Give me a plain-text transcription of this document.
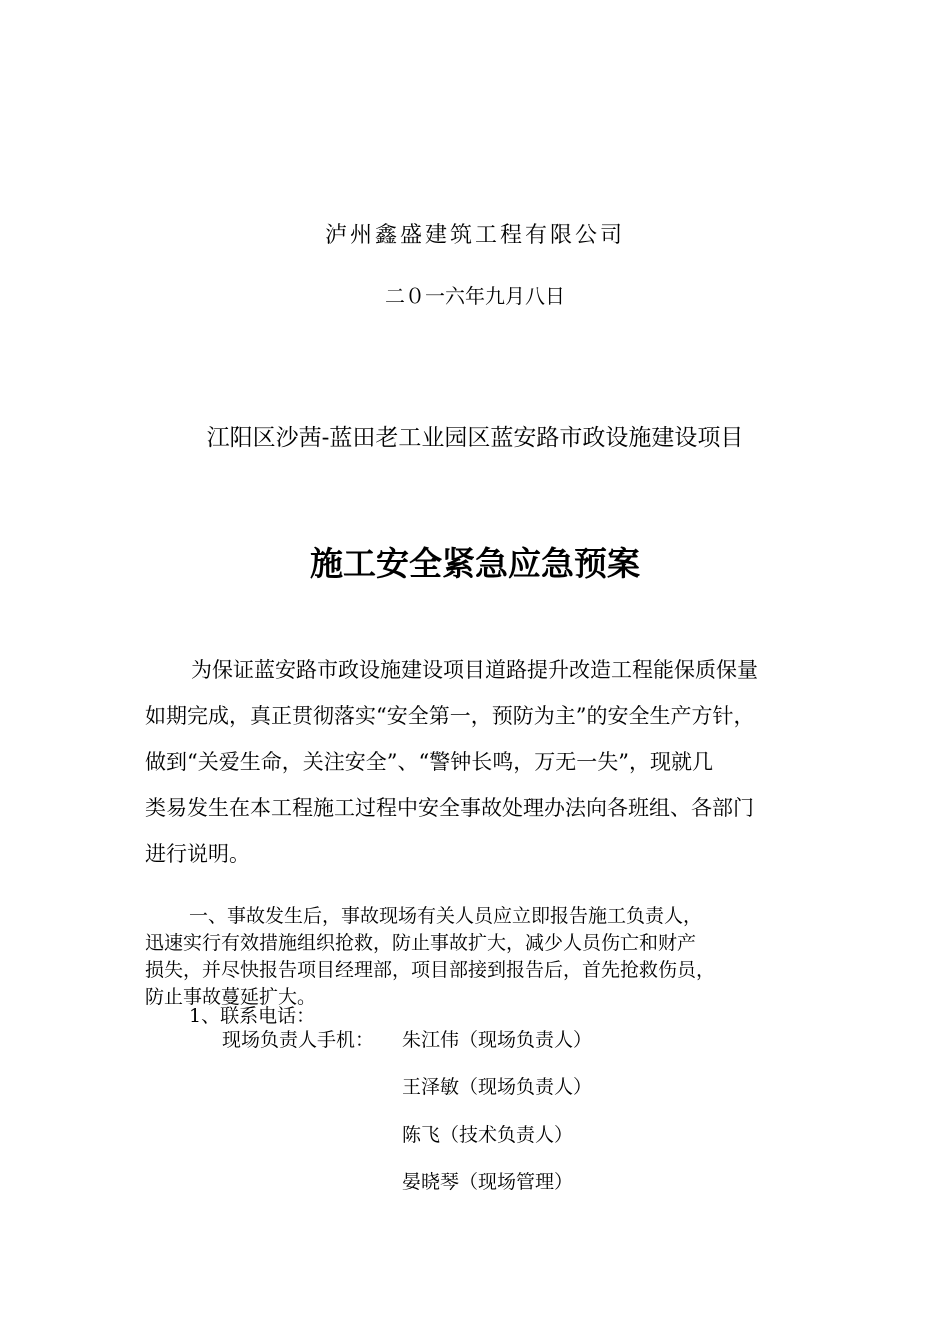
泸州鑫盛建筑工程有限公司
二０一六年九月八日
江阳区沙茜-蓝田老工业园区蓝安路市政设施建设项目
施工安全紧急应急预案
为保证蓝安路市政设施建设项目道路提升改造工程能保质保量
如期完成，真正贯彻落实“安全第一，预防为主”的安全生产方针，
做到“关爱生命，关注安全”、“警钟长鸣，万无一失”，现就几
类易发生在本工程施工过程中安全事故处理办法向各班组、各部门
进行说明。
一、事故发生后，事故现场有关人员应立即报告施工负责人，
迅速实行有效措施组织抢救，防止事故扩大，减少人员伤亡和财产
损失，并尽快报告项目经理部，项目部接到报告后，首先抢救伤员，
防止事故蔓延扩大。
1、联系电话：
现场负责人手机： 朱江伟（现场负责人）
王泽敏（现场负责人）
陈飞（技术负责人）
晏晓琴（现场管理）
